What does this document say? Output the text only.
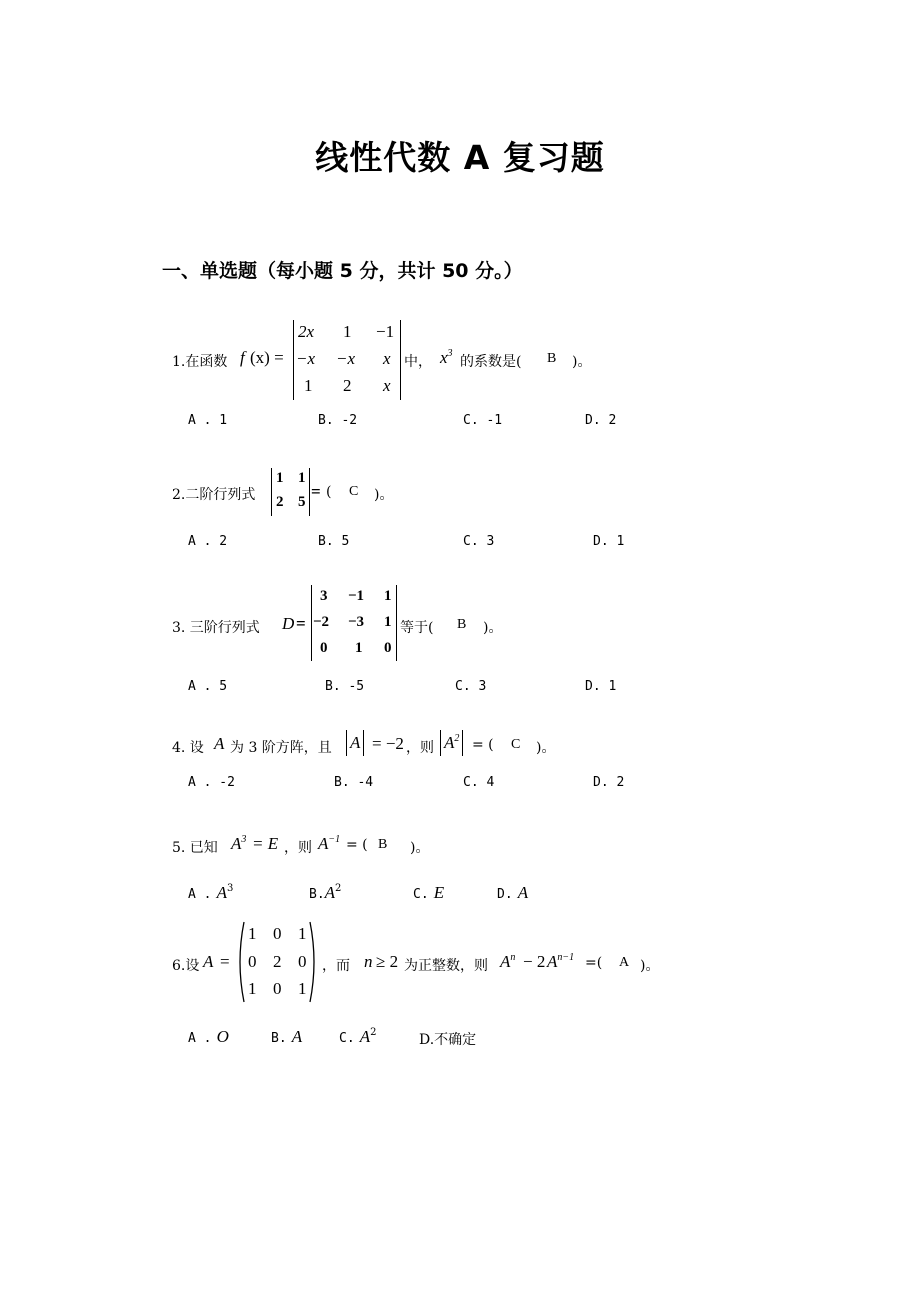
线性代数 A 复习题
一、单选题（每小题 5 分，共计 50 分。）
1.在函数 f (x) =
2x 1 −1
−x −x x
1 2 x
中， $x^3$
的系数是( B )。
A . 1	B. -2	C. -1	D. 2
2.二阶行列式
1 1
2 5
= ( C )。
A . 2	B. 5	C. 3	D. 1
3. 三阶行列式 D =
3 −1 1
−2 −3 1
0 1 0
等于( B )。
A . 5	B. -5	C. 3	D. 1
4. 设 A 为 3 阶方阵，且 A = −2 ，则 $A^2$ = ( C )。
A . -2	B. -4	C. 4	D. 2
5. 已知 $A^3 = E$ ，则 $A^{-1}$ = ( B )。
A . $A^3$	$B.A^2$	C. E	D. A
6.设 A =
1 0 1
0 2 0
1 0 1
，而 n ≥ 2 为正整数，则 $A^n - 2$ $A^{n-1}$ =( A )。
A . O	B. A	C. $A^2$	D.不确定
